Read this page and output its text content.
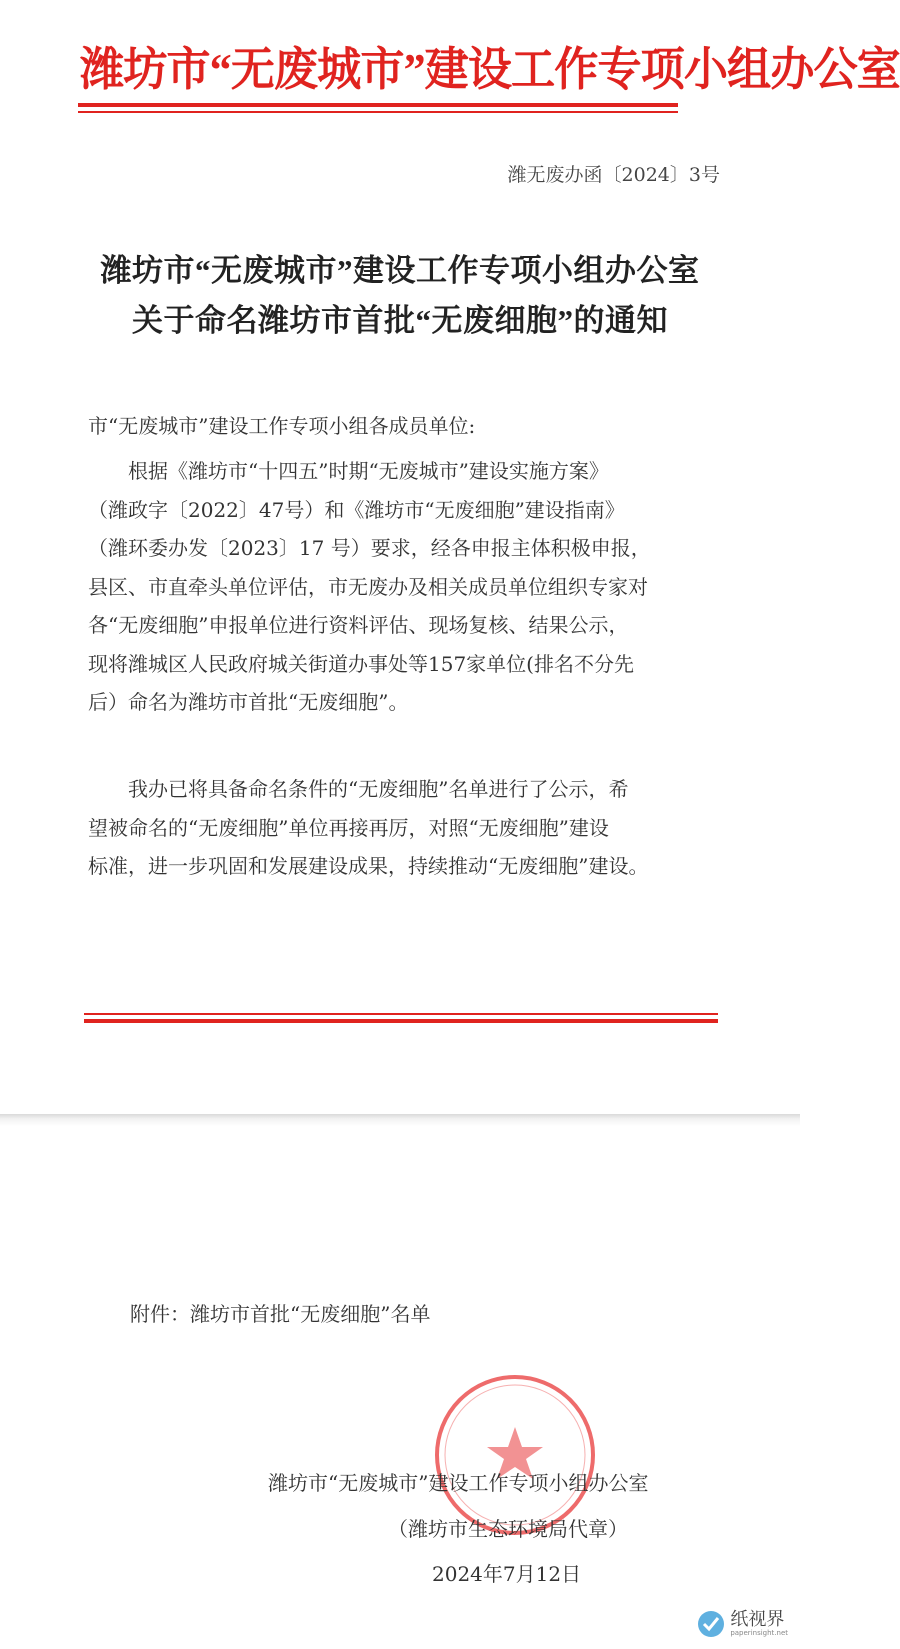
潍坊市“无废城市”建设工作专项小组办公室
潍无废办函〔2024〕3号
潍坊市“无废城市”建设工作专项小组办公室
关于命名潍坊市首批“无废细胞”的通知
市“无废城市”建设工作专项小组各成员单位:
根据《潍坊市“十四五”时期“无废城市”建设实施方案》
（潍政字〔2022〕47号）和《潍坊市“无废细胞”建设指南》
（潍环委办发〔2023〕17 号）要求，经各申报主体积极申报，
县区、市直牵头单位评估，市无废办及相关成员单位组织专家对
各“无废细胞”申报单位进行资料评估、现场复核、结果公示，
现将潍城区人民政府城关街道办事处等157家单位(排名不分先
后）命名为潍坊市首批“无废细胞”。
我办已将具备命名条件的“无废细胞”名单进行了公示，希
望被命名的“无废细胞”单位再接再厉，对照“无废细胞”建设
标准，进一步巩固和发展建设成果，持续推动“无废细胞”建设。
附件：潍坊市首批“无废细胞”名单
潍坊市“无废城市”建设工作专项小组办公室
（潍坊市生态环境局代章）
2024年7月12日
纸视界
paperinsight.net
